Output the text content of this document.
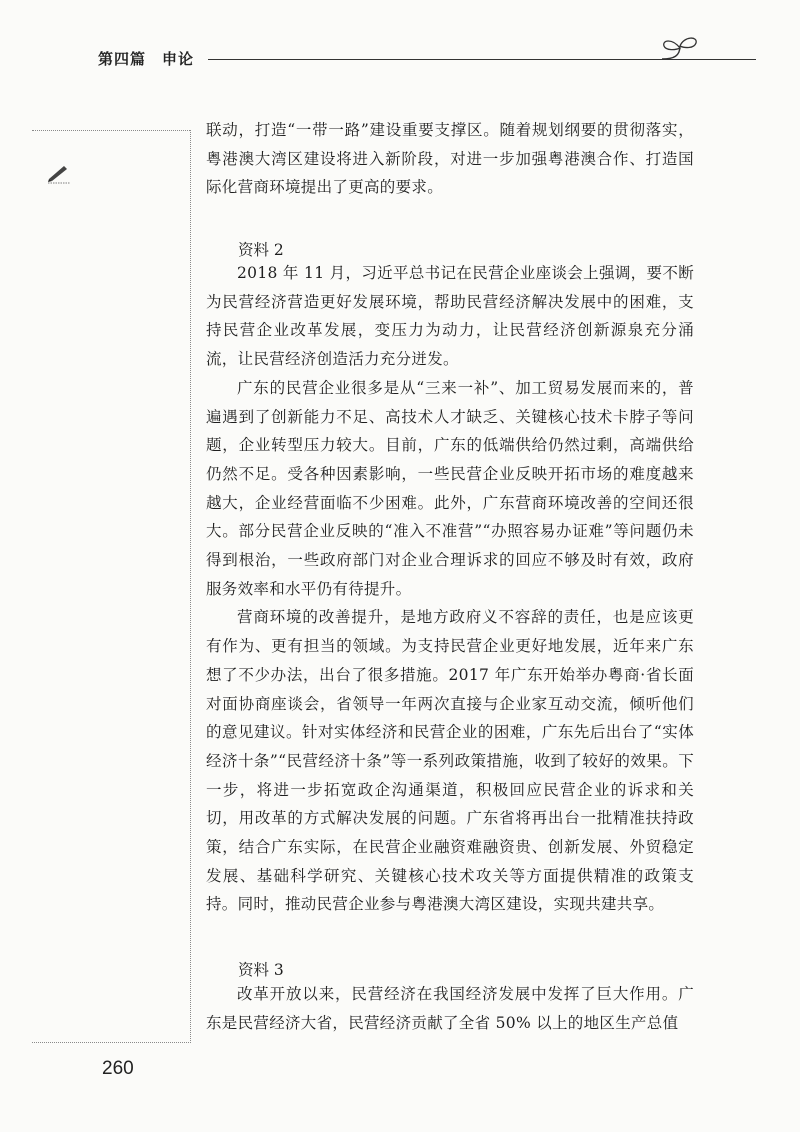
第四篇　申论

联动，打造“一带一路”建设重要支撑区。随着规划纲要的贯彻落实，粤港澳大湾区建设将进入新阶段，对进一步加强粤港澳合作、打造国际化营商环境提出了更高的要求。

资料 2

2018 年 11 月，习近平总书记在民营企业座谈会上强调，要不断为民营经济营造更好发展环境，帮助民营经济解决发展中的困难，支持民营企业改革发展，变压力为动力，让民营经济创新源泉充分涌流，让民营经济创造活力充分迸发。

广东的民营企业很多是从“三来一补”、加工贸易发展而来的，普遍遇到了创新能力不足、高技术人才缺乏、关键核心技术卡脖子等问题，企业转型压力较大。目前，广东的低端供给仍然过剩，高端供给仍然不足。受各种因素影响，一些民营企业反映开拓市场的难度越来越大，企业经营面临不少困难。此外，广东营商环境改善的空间还很大。部分民营企业反映的“准入不准营”“办照容易办证难”等问题仍未得到根治，一些政府部门对企业合理诉求的回应不够及时有效，政府服务效率和水平仍有待提升。

营商环境的改善提升，是地方政府义不容辞的责任，也是应该更有作为、更有担当的领域。为支持民营企业更好地发展，近年来广东想了不少办法，出台了很多措施。2017 年广东开始举办粤商·省长面对面协商座谈会，省领导一年两次直接与企业家互动交流，倾听他们的意见建议。针对实体经济和民营企业的困难，广东先后出台了“实体经济十条”“民营经济十条”等一系列政策措施，收到了较好的效果。下一步，将进一步拓宽政企沟通渠道，积极回应民营企业的诉求和关切，用改革的方式解决发展的问题。广东省将再出台一批精准扶持政策，结合广东实际，在民营企业融资难融资贵、创新发展、外贸稳定发展、基础科学研究、关键核心技术攻关等方面提供精准的政策支持。同时，推动民营企业参与粤港澳大湾区建设，实现共建共享。

资料 3

改革开放以来，民营经济在我国经济发展中发挥了巨大作用。广东是民营经济大省，民营经济贡献了全省 50% 以上的地区生产总值

260
